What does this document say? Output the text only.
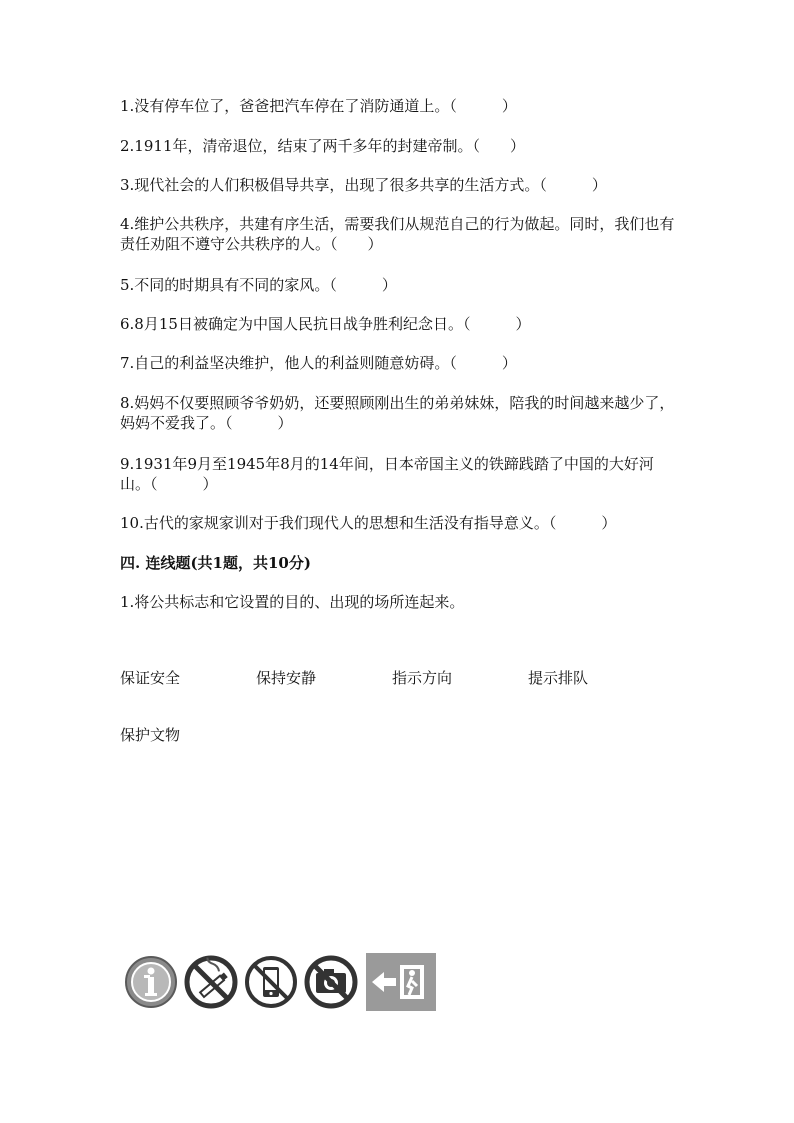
1.没有停车位了，爸爸把汽车停在了消防通道上。（　　　）

2.1911年，清帝退位，结束了两千多年的封建帝制。（　　）

3.现代社会的人们积极倡导共享，出现了很多共享的生活方式。（　　　）

4.维护公共秩序，共建有序生活，需要我们从规范自己的行为做起。同时，我们也有责任劝阻不遵守公共秩序的人。（　　）

5.不同的时期具有不同的家风。（　　　）

6.8月15日被确定为中国人民抗日战争胜利纪念日。（　　　）

7.自己的利益坚决维护，他人的利益则随意妨碍。（　　　）

8.妈妈不仅要照顾爷爷奶奶，还要照顾刚出生的弟弟妹妹，陪我的时间越来越少了，妈妈不爱我了。（　　　）

9.1931年9月至1945年8月的14年间，日本帝国主义的铁蹄践踏了中国的大好河山。（　　　）

10.古代的家规家训对于我们现代人的思想和生活没有指导意义。（　　　）

四. 连线题(共1题，共10分)

1.将公共标志和它设置的目的、出现的场所连起来。

保证安全	保持安静	指示方向	提示排队

保护文物
